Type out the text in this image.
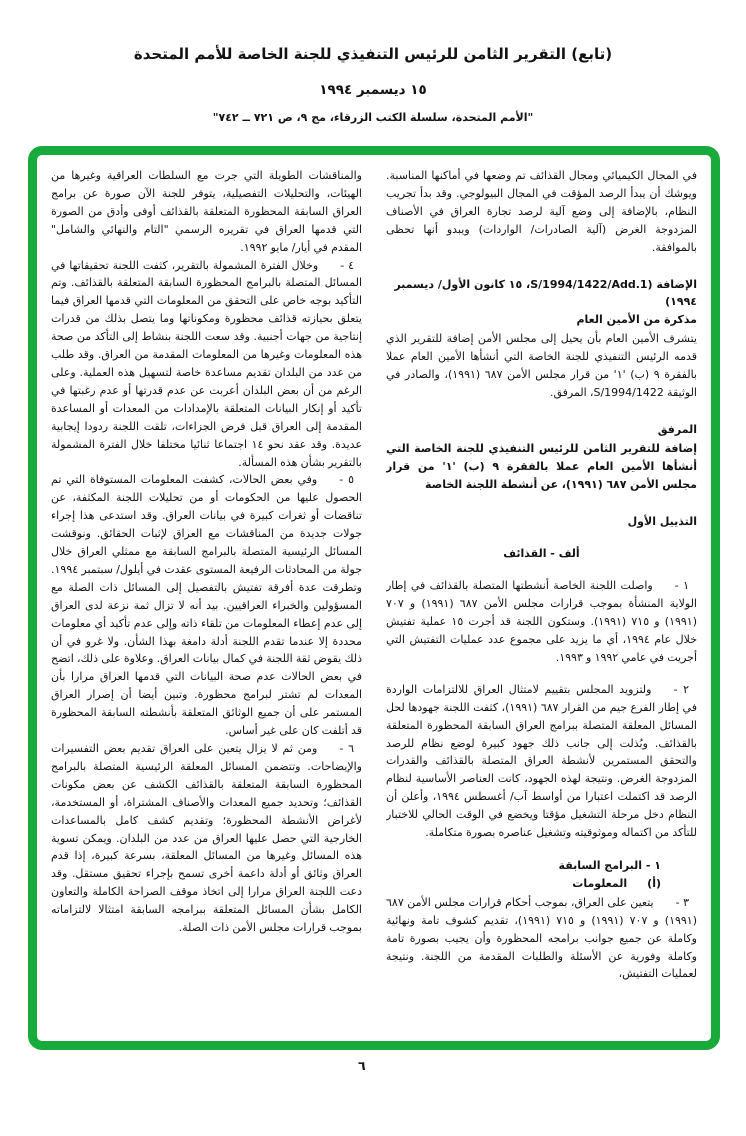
(تابع) التقرير الثامن للرئيس التنفيذي للجنة الخاصة للأمم المتحدة
١٥ ديسمبر ١٩٩٤
"الأمم المتحدة، سلسلة الكتب الزرقاء، مج ٩، ص ٧٢١ ــ ٧٤٢"

في المجال الكيميائي ومجال القذائف تم وضعها في أماكنها المناسبة. ويوشك أن يبدأ الرصد المؤقت في المجال البيولوجي. وقد بدأ تجريب النظام، بالإضافة إلى وضع آلية لرصد تجارة العراق في الأصناف المزدوجة الغرض (آلية الصادرات/ الواردات) ويبدو أنها تحظى بالموافقة.

الإضافة (S/1994/1422/Add.1، ١٥ كانون الأول/ ديسمبر ١٩٩٤)

مذكرة من الأمين العام

يتشرف الأمين العام بأن يحيل إلى مجلس الأمن إضافة للتقرير الذي قدمه الرئيس التنفيذي للجنة الخاصة التي أنشأها الأمين العام عملا بالفقرة ٩ (ب) '١' من قرار مجلس الأمن ٦٨٧ (١٩٩١)، والصادر في الوثيقة S/1994/1422، المرفق.

المرفق

إضافة للتقرير الثامن للرئيس التنفيذي للجنة الخاصة التي أنشأها الأمين العام عملا بالفقرة ٩ (ب) '١' من قرار مجلس الأمن ٦٨٧ (١٩٩١)، عن أنشطة اللجنة الخاصة

التذييل الأول

ألف - القذائف

١ -واصلت اللجنة الخاصة أنشطتها المتصلة بالقذائف في إطار الولاية المنشأة بموجب قرارات مجلس الأمن ٦٨٧ (١٩٩١) و ٧٠٧ (١٩٩١) و ٧١٥ (١٩٩١). وستكون اللجنة قد أجرت ١٥ عملية تفتيش خلال عام ١٩٩٤، أي ما يزيد على مجموع عدد عمليات التفتيش التي أجريت في عامي ١٩٩٢ و ١٩٩٣.

٢ -ولتزويد المجلس بتقييم لامتثال العراق للالتزامات الواردة في إطار الفرع جيم من القرار ٦٨٧ (١٩٩١)، كثفت اللجنة جهودها لحل المسائل المعلقة المتصلة ببرامج العراق السابقة المحظورة المتعلقة بالقذائف. وبُذلت إلى جانب ذلك جهود كبيرة لوضع نظام للرصد والتحقق المستمرين لأنشطة العراق المتصلة بالقذائف والقدرات المزدوجة الغرض. ونتيجة لهذه الجهود، كانت العناصر الأساسية لنظام الرصد قد اكتملت اعتبارا من أواسط آب/ أغسطس ١٩٩٤، وأعلن أن النظام دخل مرحلة التشغيل مؤقتا ويخضع في الوقت الحالي للاختبار للتأكد من اكتماله وموثوقيته وتشغيل عناصره بصورة متكاملة.

١ - البرامج السابقة

(أ)المعلومات

٣ -يتعين على العراق، بموجب أحكام قرارات مجلس الأمن ٦٨٧ (١٩٩١) و ٧٠٧ (١٩٩١) و ٧١٥ (١٩٩١)، تقديم كشوف تامة ونهائية وكاملة عن جميع جوانب برامجه المحظورة وأن يجيب بصورة تامة وكاملة وفورية عن الأسئلة والطلبات المقدمة من اللجنة. ونتيجة لعمليات التفتيش،

والمناقشات الطويلة التي جرت مع السلطات العراقية وغيرها من الهيئات، والتحليلات التفصيلية، يتوفر للجنة الآن صورة عن برامج العراق السابقة المحظورة المتعلقة بالقذائف أوفى وأدق من الصورة التي قدمها العراق في تقريره الرسمي "التام والنهائي والشامل" المقدم في أيار/ مايو ١٩٩٢.

٤ -وخلال الفترة المشمولة بالتقرير، كثفت اللجنة تحقيقاتها في المسائل المتصلة بالبرامج المحظورة السابقة المتعلقة بالقذائف. وتم التأكيد بوجه خاص على التحقق من المعلومات التي قدمها العراق فيما يتعلق بحيازته قذائف محظورة ومكوناتها وما يتصل بذلك من قدرات إنتاجية من جهات أجنبية. وقد سعت اللجنة بنشاط إلى التأكد من صحة هذه المعلومات وغيرها من المعلومات المقدمة من العراق. وقد طلب من عدد من البلدان تقديم مساعدة خاصة لتسهيل هذه العملية. وعلى الرغم من أن بعض البلدان أعربت عن عدم قدرتها أو عدم رغبتها في تأكيد أو إنكار البيانات المتعلقة بالإمدادات من المعدات أو المساعدة المقدمة إلى العراق قبل فرض الجزاءات، تلقت اللجنة ردودا إيجابية عديدة. وقد عقد نحو ١٤ اجتماعا ثنائيا مختلفا خلال الفترة المشمولة بالتقرير بشأن هذه المسألة.

٥ -وفي بعض الحالات، كشفت المعلومات المستوفاة التي تم الحصول عليها من الحكومات أو من تحليلات اللجنة المكثفة، عن تناقضات أو ثغرات كبيرة في بيانات العراق. وقد استدعى هذا إجراء جولات جديدة من المناقشات مع العراق لإثبات الحقائق. ونوقشت المسائل الرئيسية المتصلة بالبرامج السابقة مع ممثلي العراق خلال جولة من المحادثات الرفيعة المستوى عقدت في أيلول/ سبتمبر ١٩٩٤. وتطرقت عدة أفرقة تفتيش بالتفصيل إلى المسائل ذات الصلة مع المسؤولين والخبراء العراقيين. بيد أنه لا تزال ثمة نزعة لدى العراق إلى عدم إعطاء المعلومات من تلقاء ذاته وإلى عدم تأكيد أي معلومات محددة إلا عندما تقدم اللجنة أدلة دامغة بهذا الشأن. ولا غرو في أن ذلك يقوض ثقة اللجنة في كمال بيانات العراق. وعلاوة على ذلك، اتضح في بعض الحالات عدم صحة البيانات التي قدمها العراق مرارا بأن المعدات لم تشتر لبرامج محظورة. وتبين أيضا أن إصرار العراق المستمر على أن جميع الوثائق المتعلقة بأنشطته السابقة المحظورة قد أتلفت كان على غير أساس.

٦ -ومن ثم لا يزال يتعين على العراق تقديم بعض التفسيرات والإيضاحات. وتتضمن المسائل المعلقة الرئيسية المتصلة بالبرامج المحظورة السابقة المتعلقة بالقذائف الكشف عن بعض مكونات القذائف؛ وتحديد جميع المعدات والأصناف المشتراة، أو المستخدمة، لأغراض الأنشطة المحظورة؛ وتقديم كشف كامل بالمساعدات الخارجية التي حصل عليها العراق من عدد من البلدان. ويمكن تسوية هذه المسائل وغيرها من المسائل المعلقة، بسرعة كبيرة، إذا قدم العراق وثائق أو أدلة داعمة أخرى تسمح بإجراء تحقيق مستقل. وقد دعت اللجنة العراق مرارا إلى اتخاذ موقف الصراحة الكاملة والتعاون الكامل بشأن المسائل المتعلقة ببرامجه السابقة امتثالا لالتزاماته بموجب قرارات مجلس الأمن ذات الصلة.

٦
